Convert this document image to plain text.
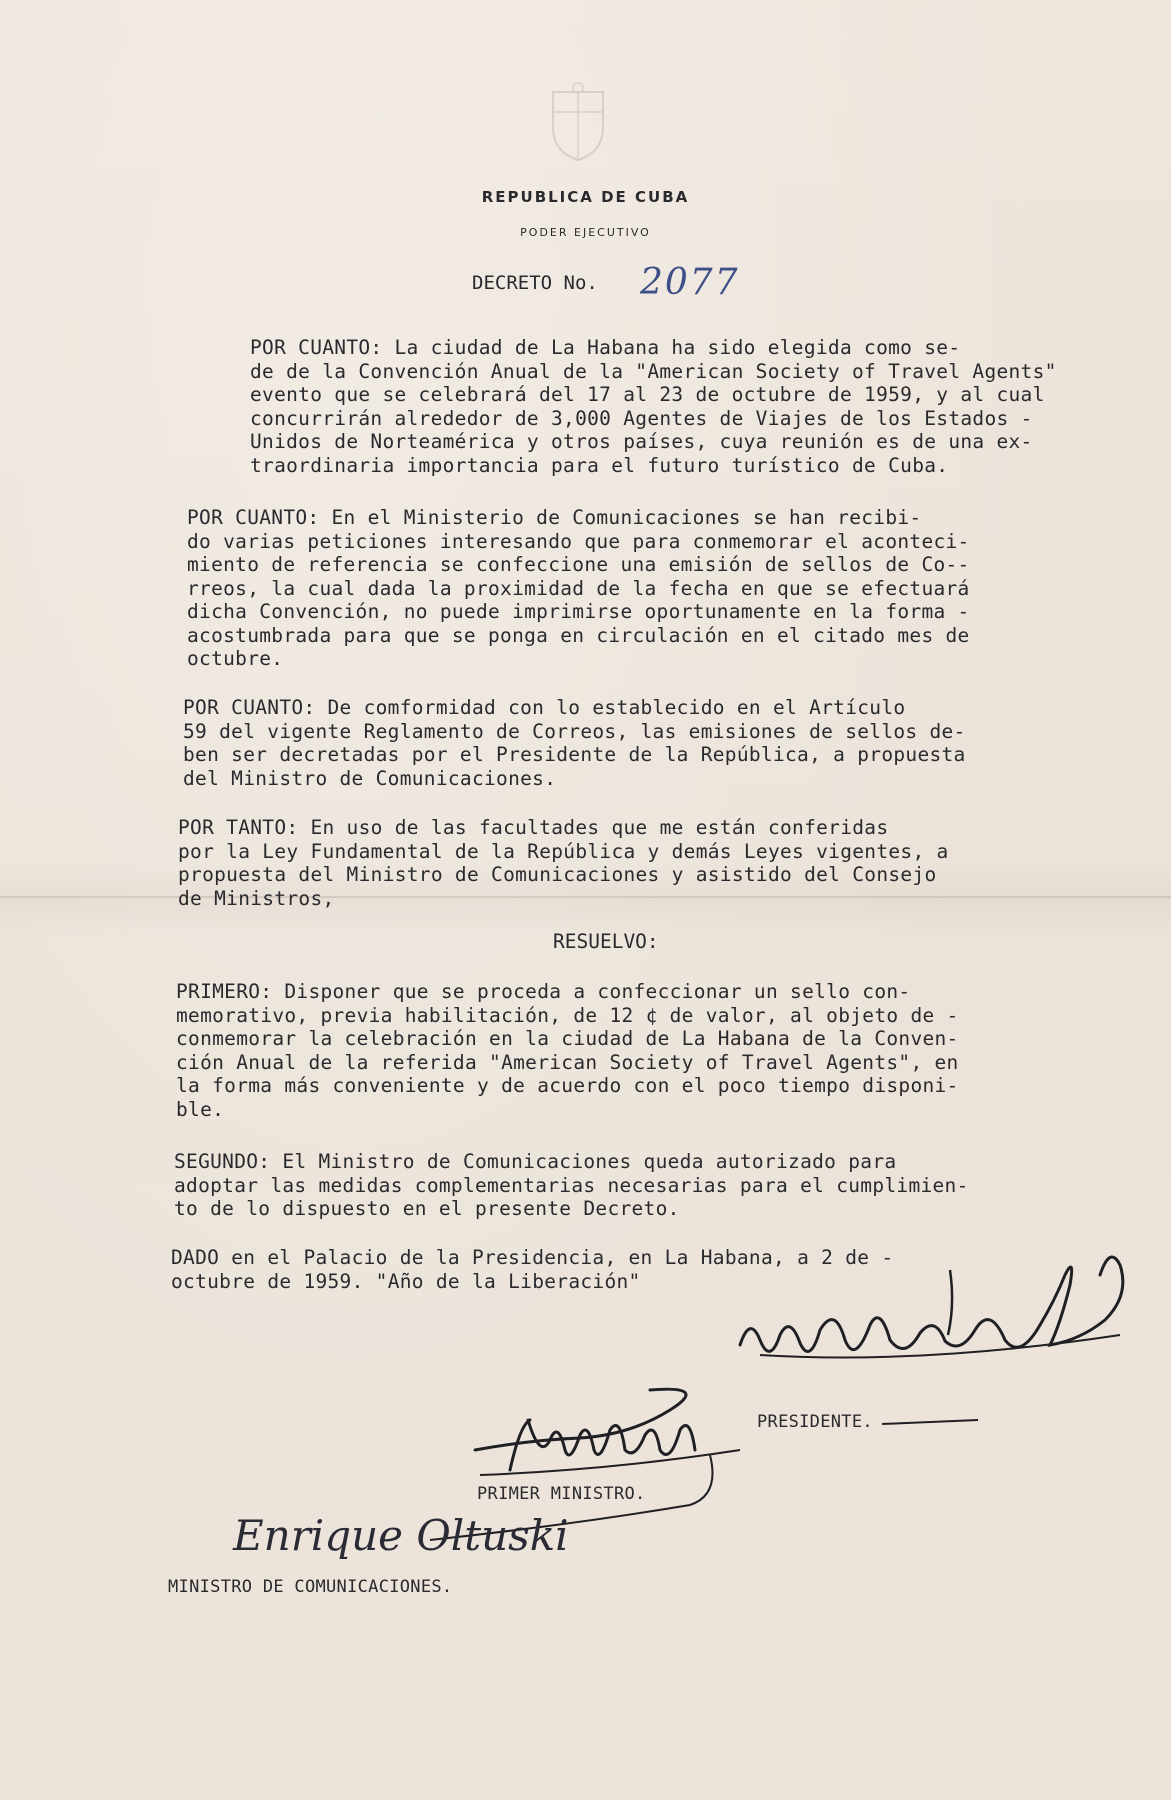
REPUBLICA DE CUBA
PODER EJECUTIVO
DECRETO No. 2077
POR CUANTO: La ciudad de La Habana ha sido elegida como se-
de de la Convención Anual de la "American Society of Travel Agents"
evento que se celebrará del 17 al 23 de octubre de 1959, y al cual
concurrirán alrededor de 3,000 Agentes de Viajes de los Estados -
Unidos de Norteamérica y otros países, cuya reunión es de una ex-
traordinaria importancia para el futuro turístico de Cuba.
POR CUANTO: En el Ministerio de Comunicaciones se han recibi-
do varias peticiones interesando que para conmemorar el aconteci-
miento de referencia se confeccione una emisión de sellos de Co--
rreos, la cual dada la proximidad de la fecha en que se efectuará
dicha Convención, no puede imprimirse oportunamente en la forma -
acostumbrada para que se ponga en circulación en el citado mes de
octubre.
POR CUANTO: De comformidad con lo establecido en el Artículo
59 del vigente Reglamento de Correos, las emisiones de sellos de-
ben ser decretadas por el Presidente de la República, a propuesta
del Ministro de Comunicaciones.
POR TANTO: En uso de las facultades que me están conferidas
por la Ley Fundamental de la República y demás Leyes vigentes, a
propuesta del Ministro de Comunicaciones y asistido del Consejo
de Ministros,
RESUELVO:
PRIMERO: Disponer que se proceda a confeccionar un sello con-
memorativo, previa habilitación, de 12 ¢ de valor, al objeto de -
conmemorar la celebración en la ciudad de La Habana de la Conven-
ción Anual de la referida "American Society of Travel Agents", en
la forma más conveniente y de acuerdo con el poco tiempo disponi-
ble.
SEGUNDO: El Ministro de Comunicaciones queda autorizado para
adoptar las medidas complementarias necesarias para el cumplimien-
to de lo dispuesto en el presente Decreto.
DADO en el Palacio de la Presidencia, en La Habana, a 2 de -
octubre de 1959. "Año de la Liberación"
PRESIDENTE.
PRIMER MINISTRO.
Enrique Oltuski
MINISTRO DE COMUNICACIONES.
